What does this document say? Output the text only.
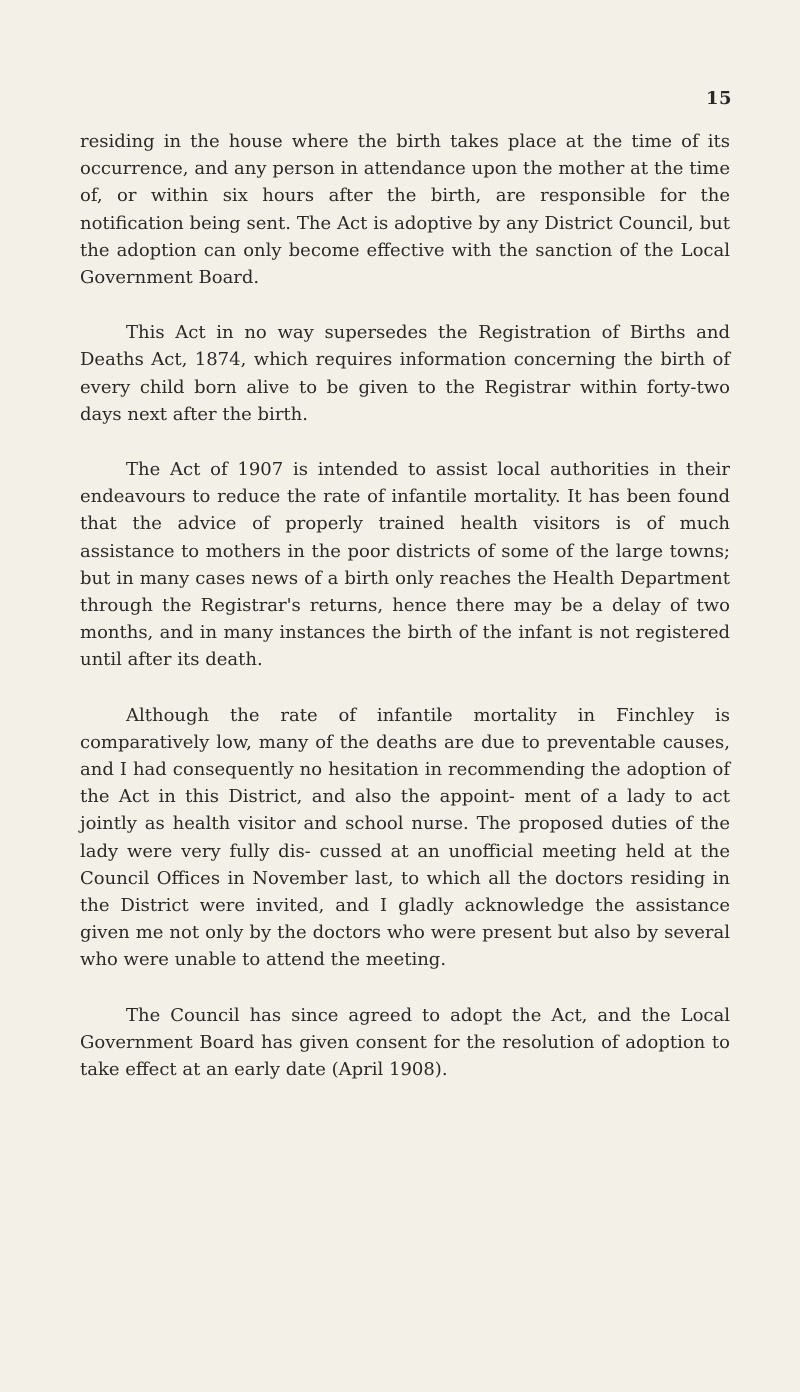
15

residing in the house where the birth takes place at the time of its occurrence, and any person in attendance upon the mother at the time of, or within six hours after the birth, are responsible for the notification being sent. The Act is adoptive by any District Council, but the adoption can only become effective with the sanction of the Local Government Board.

This Act in no way supersedes the Registration of Births and Deaths Act, 1874, which requires information concerning the birth of every child born alive to be given to the Registrar within forty-two days next after the birth.

The Act of 1907 is intended to assist local authorities in their endeavours to reduce the rate of infantile mortality. It has been found that the advice of properly trained health visitors is of much assistance to mothers in the poor districts of some of the large towns; but in many cases news of a birth only reaches the Health Department through the Registrar's returns, hence there may be a delay of two months, and in many instances the birth of the infant is not registered until after its death.

Although the rate of infantile mortality in Finchley is comparatively low, many of the deaths are due to preventable causes, and I had consequently no hesitation in recommending the adoption of the Act in this District, and also the appoint- ment of a lady to act jointly as health visitor and school nurse. The proposed duties of the lady were very fully dis- cussed at an unofficial meeting held at the Council Offices in November last, to which all the doctors residing in the District were invited, and I gladly acknowledge the assistance given me not only by the doctors who were present but also by several who were unable to attend the meeting.

The Council has since agreed to adopt the Act, and the Local Government Board has given consent for the resolution of adoption to take effect at an early date (April 1908).
